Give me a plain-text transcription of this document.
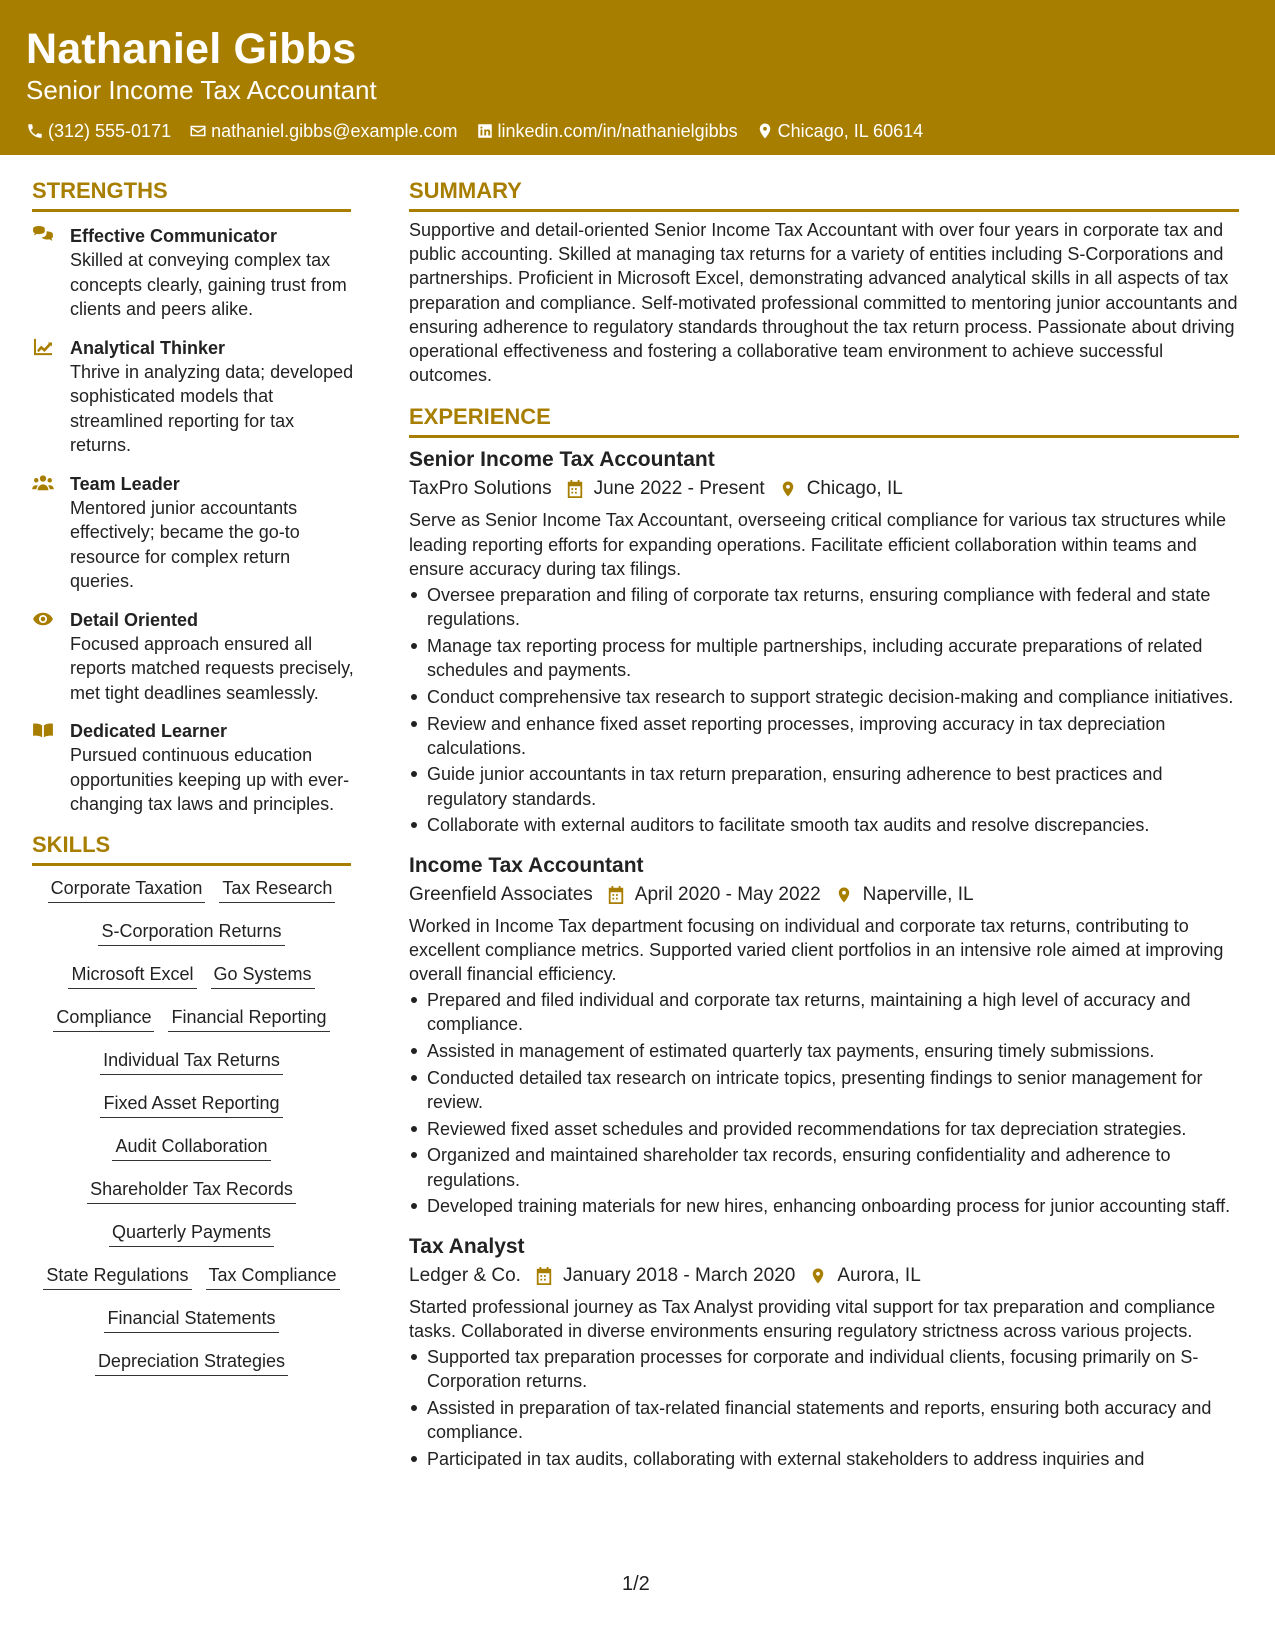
Nathaniel Gibbs
Senior Income Tax Accountant
(312) 555-0171 nathaniel.gibbs@example.com linkedin.com/in/nathanielgibbs Chicago, IL 60614
STRENGTHS
Effective Communicator
Skilled at conveying complex tax concepts clearly, gaining trust from clients and peers alike.
Analytical Thinker
Thrive in analyzing data; developed sophisticated models that streamlined reporting for tax returns.
Team Leader
Mentored junior accountants effectively; became the go-to resource for complex return queries.
Detail Oriented
Focused approach ensured all reports matched requests precisely, met tight deadlines seamlessly.
Dedicated Learner
Pursued continuous education opportunities keeping up with ever-changing tax laws and principles.
SKILLS
Corporate Taxation Tax Research
S-Corporation Returns
Microsoft Excel Go Systems
Compliance Financial Reporting
Individual Tax Returns
Fixed Asset Reporting
Audit Collaboration
Shareholder Tax Records
Quarterly Payments
State Regulations Tax Compliance
Financial Statements
Depreciation Strategies
SUMMARY
Supportive and detail-oriented Senior Income Tax Accountant with over four years in corporate tax and public accounting. Skilled at managing tax returns for a variety of entities including S-Corporations and partnerships. Proficient in Microsoft Excel, demonstrating advanced analytical skills in all aspects of tax preparation and compliance. Self-motivated professional committed to mentoring junior accountants and ensuring adherence to regulatory standards throughout the tax return process. Passionate about driving operational effectiveness and fostering a collaborative team environment to achieve successful outcomes.
EXPERIENCE
Senior Income Tax Accountant
TaxPro Solutions June 2022 - Present Chicago, IL
Serve as Senior Income Tax Accountant, overseeing critical compliance for various tax structures while leading reporting efforts for expanding operations. Facilitate efficient collaboration within teams and ensure accuracy during tax filings.
Oversee preparation and filing of corporate tax returns, ensuring compliance with federal and state regulations.
Manage tax reporting process for multiple partnerships, including accurate preparations of related schedules and payments.
Conduct comprehensive tax research to support strategic decision-making and compliance initiatives.
Review and enhance fixed asset reporting processes, improving accuracy in tax depreciation calculations.
Guide junior accountants in tax return preparation, ensuring adherence to best practices and regulatory standards.
Collaborate with external auditors to facilitate smooth tax audits and resolve discrepancies.
Income Tax Accountant
Greenfield Associates April 2020 - May 2022 Naperville, IL
Worked in Income Tax department focusing on individual and corporate tax returns, contributing to excellent compliance metrics. Supported varied client portfolios in an intensive role aimed at improving overall financial efficiency.
Prepared and filed individual and corporate tax returns, maintaining a high level of accuracy and compliance.
Assisted in management of estimated quarterly tax payments, ensuring timely submissions.
Conducted detailed tax research on intricate topics, presenting findings to senior management for review.
Reviewed fixed asset schedules and provided recommendations for tax depreciation strategies.
Organized and maintained shareholder tax records, ensuring confidentiality and adherence to regulations.
Developed training materials for new hires, enhancing onboarding process for junior accounting staff.
Tax Analyst
Ledger & Co. January 2018 - March 2020 Aurora, IL
Started professional journey as Tax Analyst providing vital support for tax preparation and compliance tasks. Collaborated in diverse environments ensuring regulatory strictness across various projects.
Supported tax preparation processes for corporate and individual clients, focusing primarily on S-Corporation returns.
Assisted in preparation of tax-related financial statements and reports, ensuring both accuracy and compliance.
Participated in tax audits, collaborating with external stakeholders to address inquiries and
1/2
